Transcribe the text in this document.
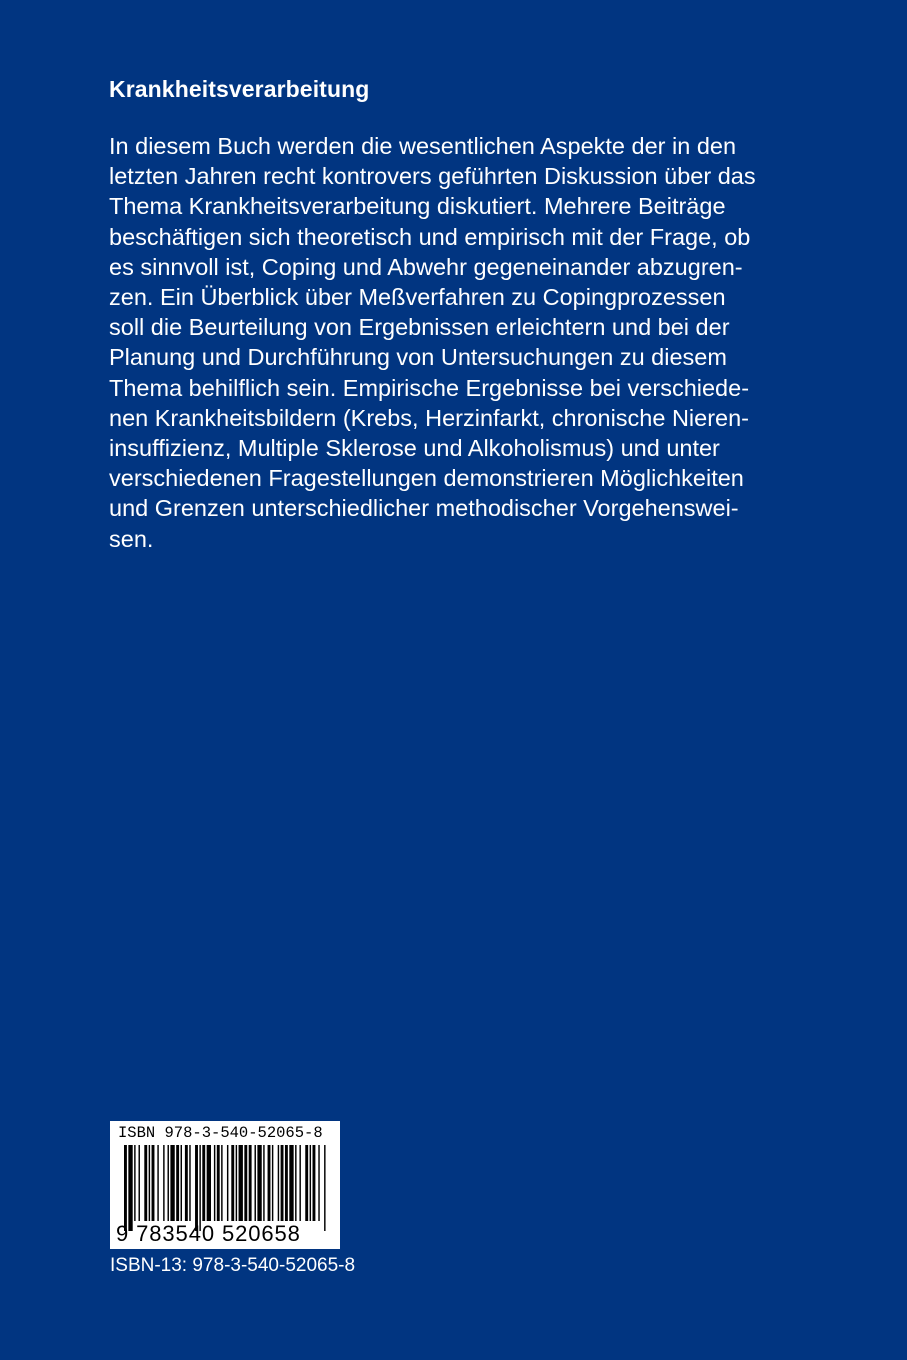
Krankheitsverarbeitung
In diesem Buch werden die wesentlichen Aspekte der in den
letzten Jahren recht kontrovers geführten Diskussion über das
Thema Krankheitsverarbeitung diskutiert. Mehrere Beiträge
beschäftigen sich theoretisch und empirisch mit der Frage, ob
es sinnvoll ist, Coping und Abwehr gegeneinander abzugren-
zen. Ein Überblick über Meßverfahren zu Copingprozessen
soll die Beurteilung von Ergebnissen erleichtern und bei der
Planung und Durchführung von Untersuchungen zu diesem
Thema behilflich sein. Empirische Ergebnisse bei verschiede-
nen Krankheitsbildern (Krebs, Herzinfarkt, chronische Nieren-
insuffizienz, Multiple Sklerose und Alkoholismus) und unter
verschiedenen Fragestellungen demonstrieren Möglichkeiten
und Grenzen unterschiedlicher methodischer Vorgehenswei-
sen.
ISBN 978-3-540-52065-8
9 783540 520658
ISBN-13: 978-3-540-52065-8
